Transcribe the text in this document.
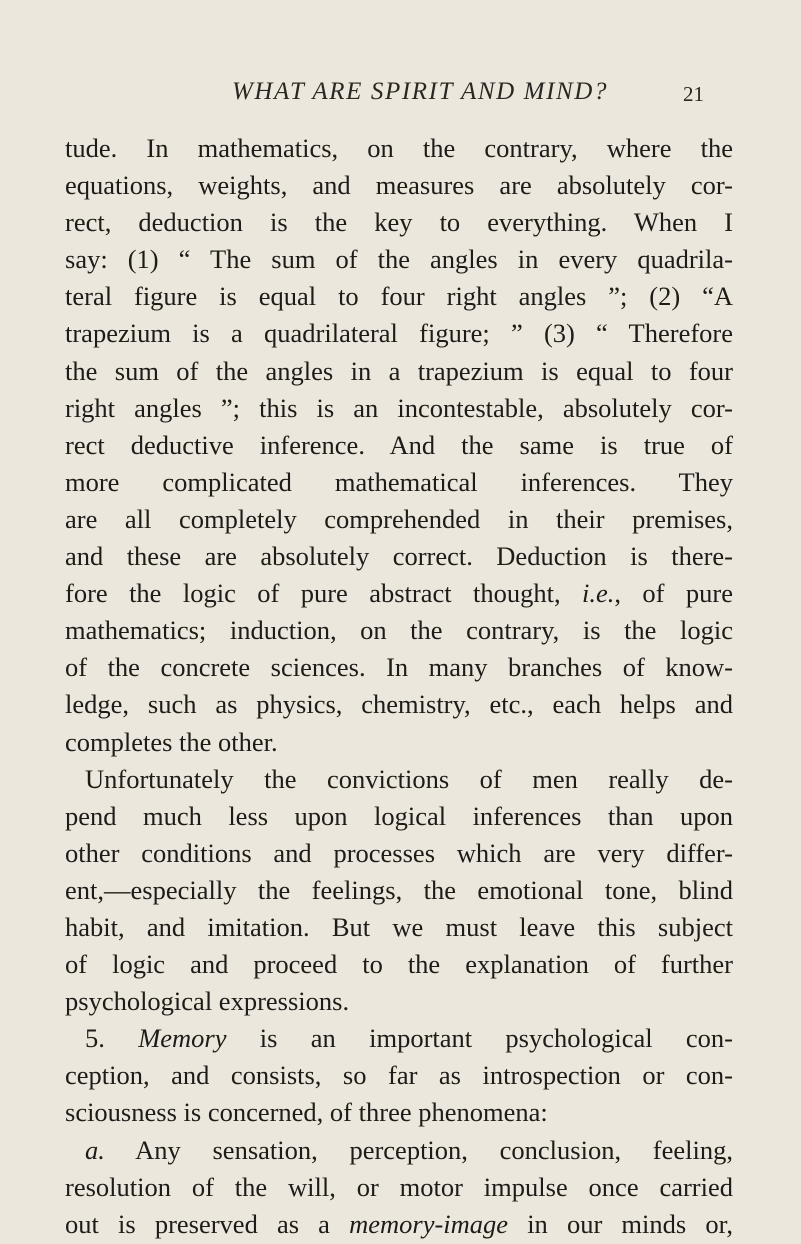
WHAT ARE SPIRIT AND MIND?	21
tude. In mathematics, on the contrary, where the
equations, weights, and measures are absolutely cor-
rect, deduction is the key to everything. When I
say: (1) “ The sum of the angles in every quadrila-
teral figure is equal to four right angles ”; (2) “A
trapezium is a quadrilateral figure; ” (3) “ Therefore
the sum of the angles in a trapezium is equal to four
right angles ”; this is an incontestable, absolutely cor-
rect deductive inference. And the same is true of
more complicated mathematical inferences. They
are all completely comprehended in their premises,
and these are absolutely correct. Deduction is there-
fore the logic of pure abstract thought, i.e., of pure
mathematics; induction, on the contrary, is the logic
of the concrete sciences. In many branches of know-
ledge, such as physics, chemistry, etc., each helps and
completes the other.
Unfortunately the convictions of men really de-
pend much less upon logical inferences than upon
other conditions and processes which are very differ-
ent,—especially the feelings, the emotional tone, blind
habit, and imitation. But we must leave this subject
of logic and proceed to the explanation of further
psychological expressions.
5. Memory is an important psychological con-
ception, and consists, so far as introspection or con-
sciousness is concerned, of three phenomena:
a. Any sensation, perception, conclusion, feeling,
resolution of the will, or motor impulse once carried
out is preserved as a memory-image in our minds or,
